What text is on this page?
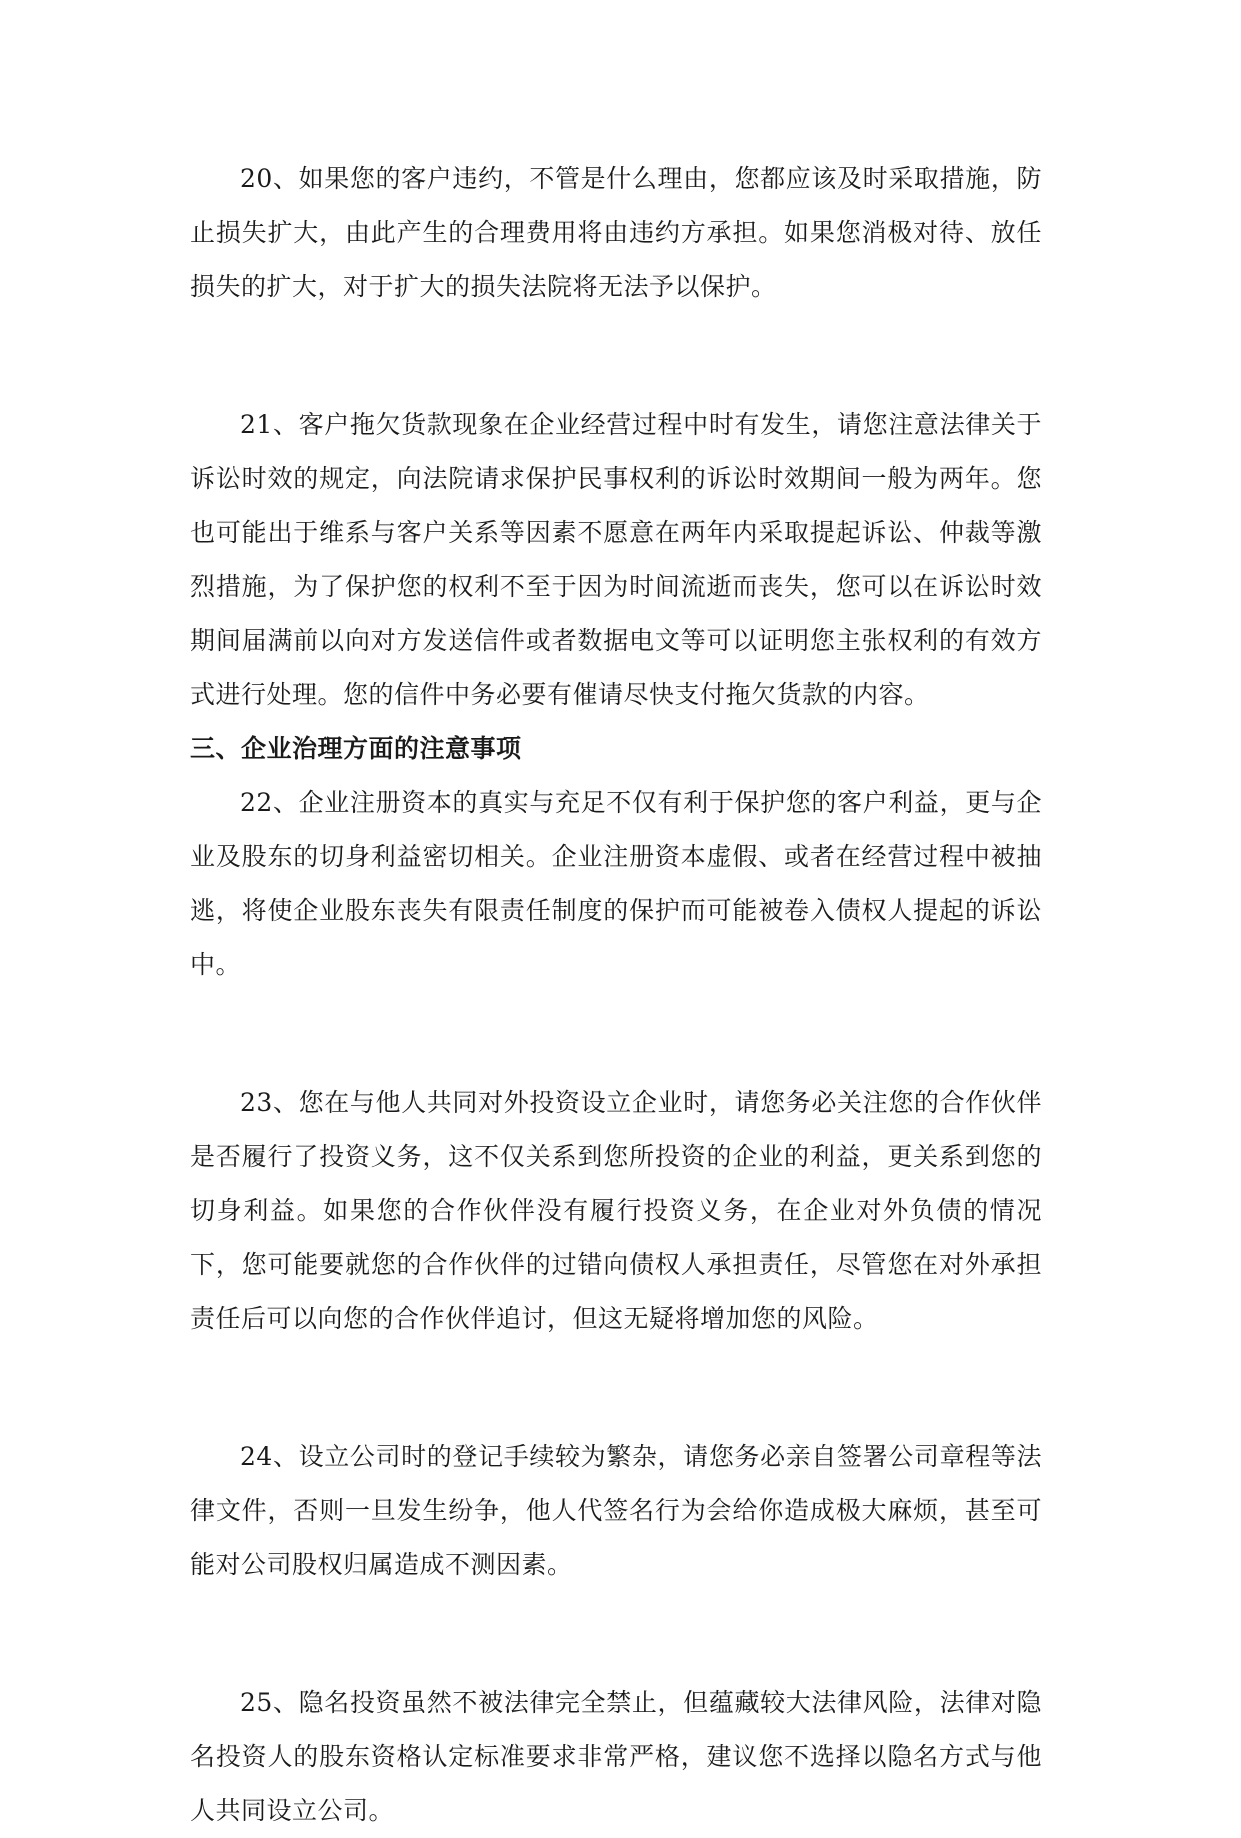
20、如果您的客户违约，不管是什么理由，您都应该及时采取措施，防止损失扩大，由此产生的合理费用将由违约方承担。如果您消极对待、放任损失的扩大，对于扩大的损失法院将无法予以保护。

21、客户拖欠货款现象在企业经营过程中时有发生，请您注意法律关于诉讼时效的规定，向法院请求保护民事权利的诉讼时效期间一般为两年。您也可能出于维系与客户关系等因素不愿意在两年内采取提起诉讼、仲裁等激烈措施，为了保护您的权利不至于因为时间流逝而丧失，您可以在诉讼时效期间届满前以向对方发送信件或者数据电文等可以证明您主张权利的有效方式进行处理。您的信件中务必要有催请尽快支付拖欠货款的内容。

三、企业治理方面的注意事项

22、企业注册资本的真实与充足不仅有利于保护您的客户利益，更与企业及股东的切身利益密切相关。企业注册资本虚假、或者在经营过程中被抽逃，将使企业股东丧失有限责任制度的保护而可能被卷入债权人提起的诉讼中。

23、您在与他人共同对外投资设立企业时，请您务必关注您的合作伙伴是否履行了投资义务，这不仅关系到您所投资的企业的利益，更关系到您的切身利益。如果您的合作伙伴没有履行投资义务，在企业对外负债的情况下，您可能要就您的合作伙伴的过错向债权人承担责任，尽管您在对外承担责任后可以向您的合作伙伴追讨，但这无疑将增加您的风险。

24、设立公司时的登记手续较为繁杂，请您务必亲自签署公司章程等法律文件，否则一旦发生纷争，他人代签名行为会给你造成极大麻烦，甚至可能对公司股权归属造成不测因素。

25、隐名投资虽然不被法律完全禁止，但蕴藏较大法律风险，法律对隐名投资人的股东资格认定标准要求非常严格，建议您不选择以隐名方式与他人共同设立公司。
